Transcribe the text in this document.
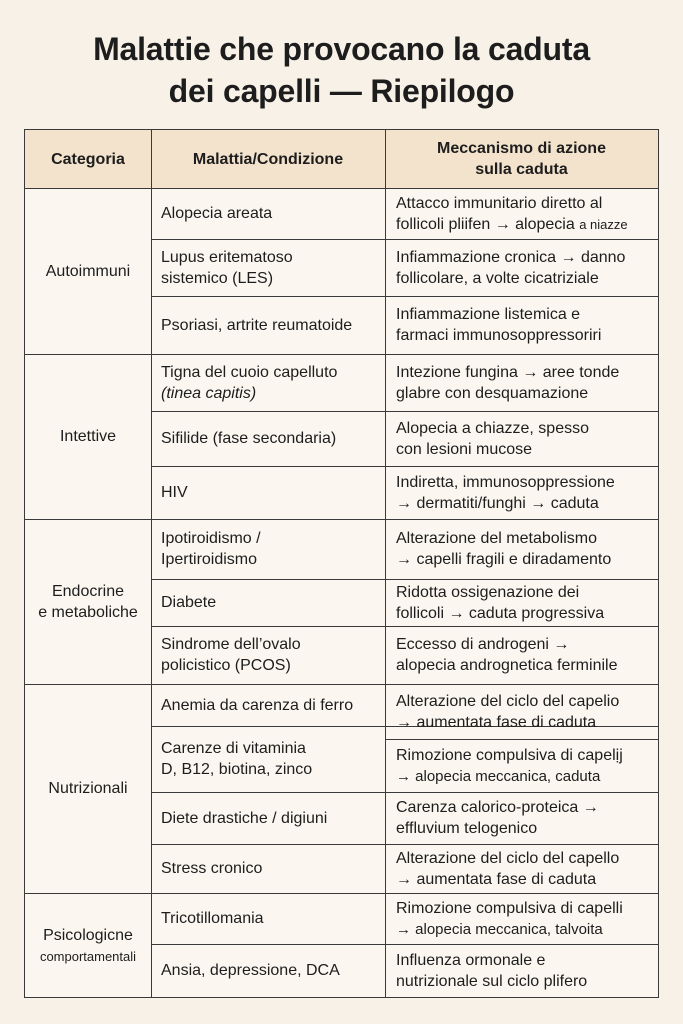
Malattie che provocano la caduta
dei capelli — Riepilogo
Categoria	Malattia/Condizione
Meccanismo di azione
sulla caduta
Autoimmuni
Intettive
Endocrine
e metaboliche
Nutrizionali
Psicologicne
comportamentali
Alopecia areata
Attacco immunitario diretto al
follicoli pliifen → alopecia a niazze
Lupus eritematoso
sistemico (LES)
Infiammazione cronica → danno
follicolare, a volte cicatriziale
Psoriasi, artrite reumatoide
Infiammazione listemica e
farmaci immunosoppressoriri
Tigna del cuoio capelluto
(tinea capitis)
Intezione fungina → aree tonde
glabre con desquamazione
Sifilide (fase secondaria)
Alopecia a chiazze, spesso
con lesioni mucose
HIV
Indiretta, immunosoppressione
→ dermatiti/funghi → caduta
Ipotiroidismo /
Ipertiroidismo
Alterazione del metabolismo
→ capelli fragili e diradamento
Diabete
Ridotta ossigenazione dei
follicoli → caduta progressiva
Sindrome dell’ovalo
policistico (PCOS)
Eccesso di androgeni →
alopecia andrognetica ferminile
Anemia da carenza di ferro	Alterazione del ciclo del capelio
→ aumentata fase di caduta
Carenze di vitaminia
D, B12, biotina, zinco
Rimozione compulsiva di capelịj
→ alopecia meccanica, caduta
Diete drastiche / digiuni
Carenza calorico-proteica →
effluvium telogenico
Stress cronico
Alterazione del ciclo del capello
→ aumentata fase di caduta
Tricotillomania
Rimozione compulsiva di capelli
→ alopecia meccanica, talvoita
Ansia, depressione, DCA
Influenza ormonale e
nutrizionale sul ciclo plifero
